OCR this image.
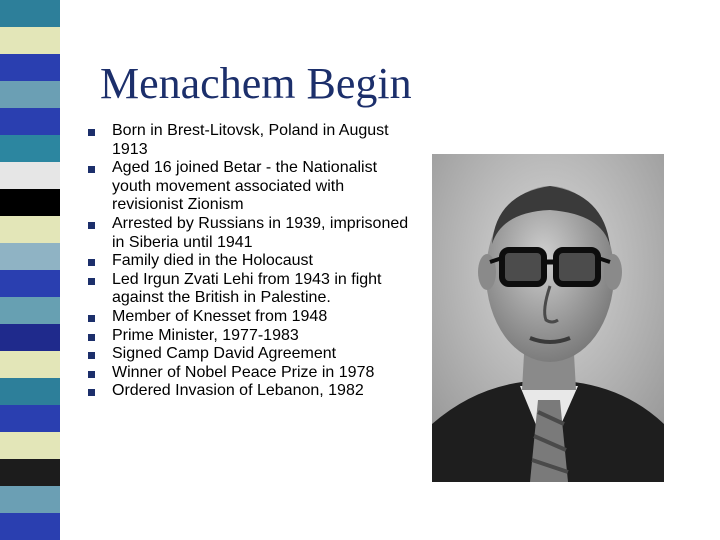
Menachem Begin
Born in Brest-Litovsk, Poland in August 1913
Aged 16 joined Betar - the Nationalist youth movement associated with revisionist Zionism
Arrested by Russians in 1939, imprisoned in Siberia until 1941
Family died in the Holocaust
Led Irgun Zvati Lehi from 1943 in fight against the British in Palestine.
Member of Knesset from 1948
Prime Minister, 1977-1983
Signed Camp David Agreement
Winner of Nobel Peace Prize in 1978
Ordered Invasion of Lebanon, 1982
